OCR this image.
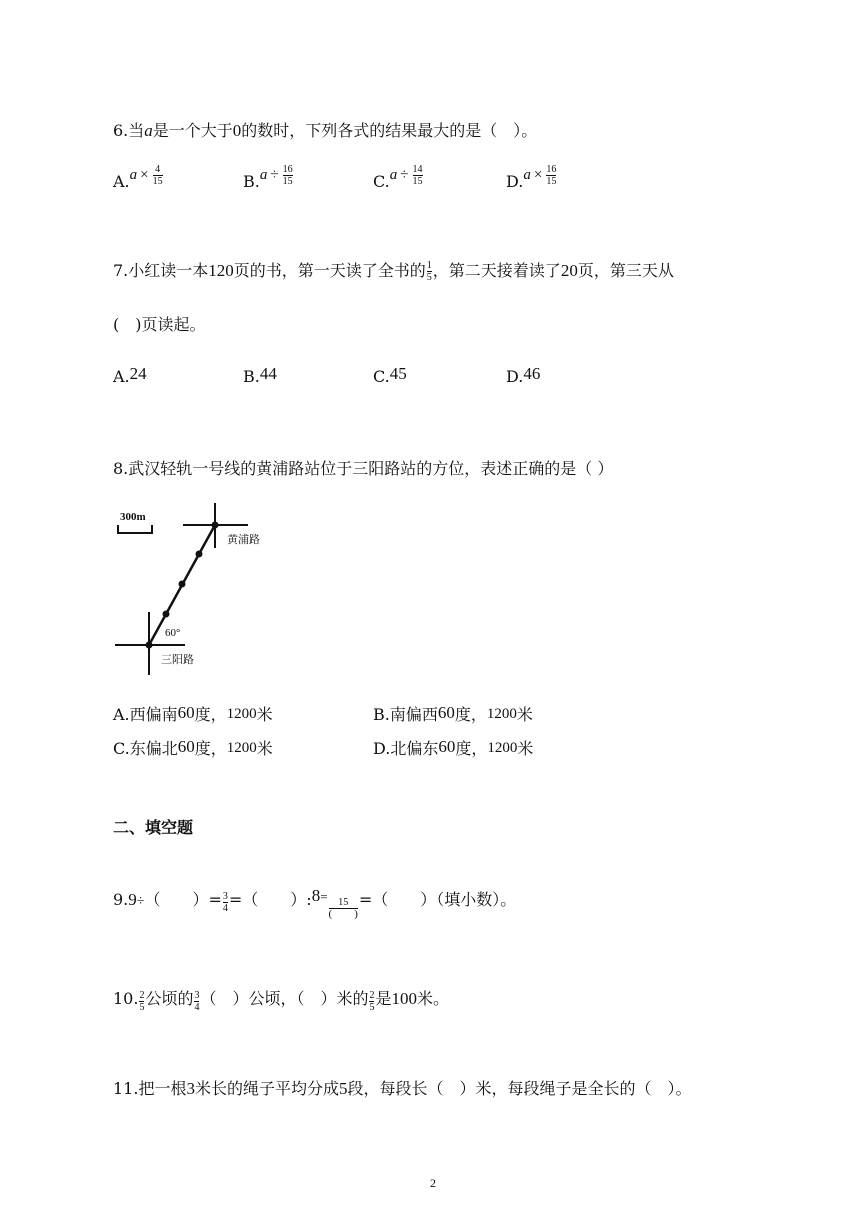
6.当a是一个大于0的数时，下列各式的结果最大的是（　）。
A. $a \times \frac{4}{15}$	B. $a \div \frac{16}{15}$	C. $a \div \frac{14}{15}$	D. $a \times \frac{16}{15}$
7.小红读一本120页的书，第一天读了全书的 $\frac{1}{5}$ ，第二天接着读了20页，第三天从
(　)页读起。
A.24	B.44	C.45	D.46
8.武汉轻轨一号线的黄浦路站位于三阳路站的方位，表述正确的是（ ）
300m
黄浦路
三阳路
60°
A.西偏南60度，1200米	B.南偏西60度，1200米
C.东偏北60度，1200米	D.北偏东60度，1200米
二、填空题
9.9÷（　　）= $\frac{3}{4}$ =（　　）:8=
$\frac{15}{( )}$ =（　　）（填小数）。
10. $\frac{2}{5}$ 公顷的 $\frac{3}{4}$ （　）公顷，（　）米的 $\frac{2}{5}$ 是100米。
11.把一根3米长的绳子平均分成5段，每段长（　）米，每段绳子是全长的（　）。
2
